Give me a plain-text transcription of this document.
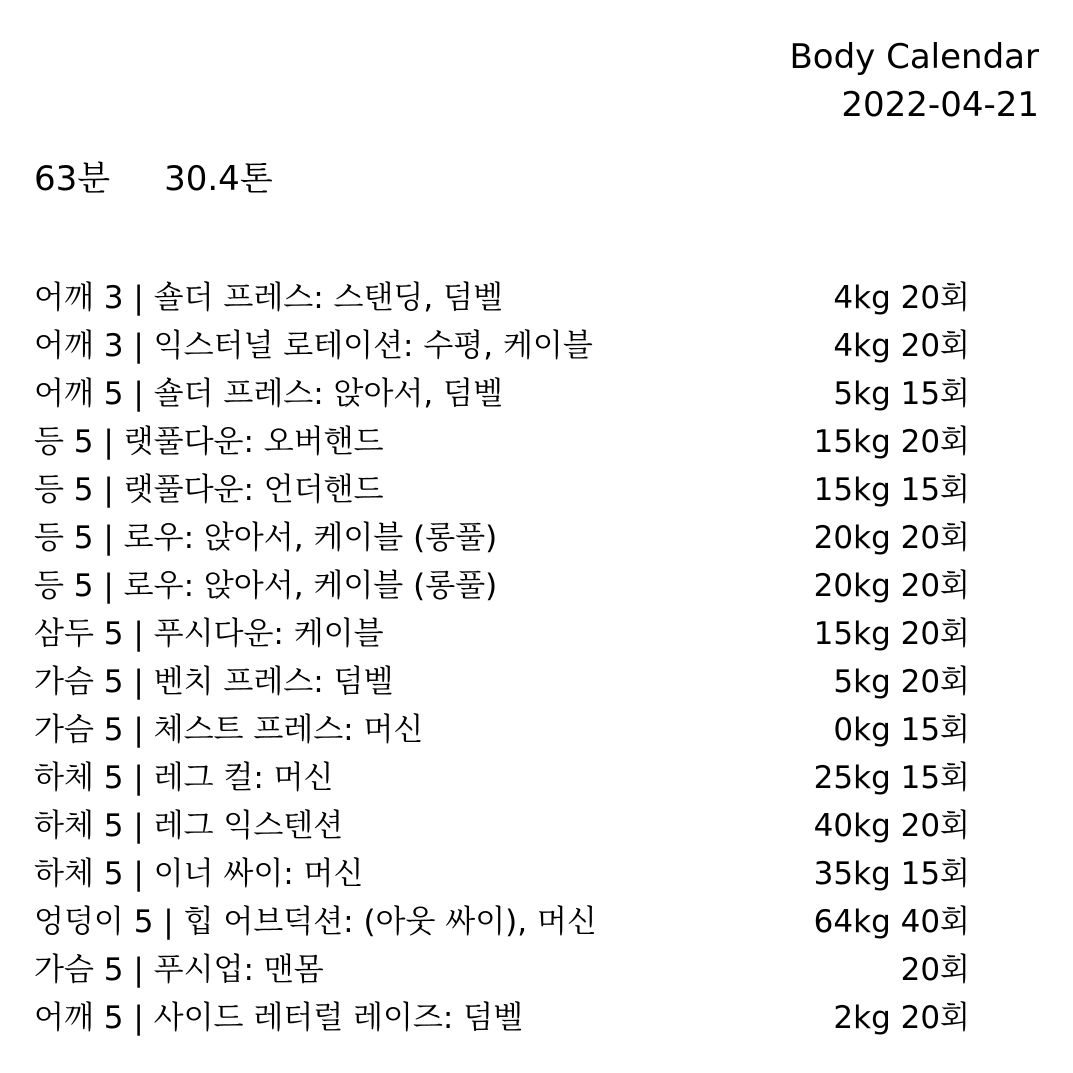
Body Calendar
2022-04-21
63분 30.4톤
어깨 3 | 숄더 프레스: 스탠딩, 덤벨	4kg 20회
어깨 3 | 익스터널 로테이션: 수평, 케이블	4kg 20회
어깨 5 | 숄더 프레스: 앉아서, 덤벨	5kg 15회
등 5 | 랫풀다운: 오버핸드	15kg 20회
등 5 | 랫풀다운: 언더핸드	15kg 15회
등 5 | 로우: 앉아서, 케이블 (롱풀)	20kg 20회
등 5 | 로우: 앉아서, 케이블 (롱풀)	20kg 20회
삼두 5 | 푸시다운: 케이블	15kg 20회
가슴 5 | 벤치 프레스: 덤벨	5kg 20회
가슴 5 | 체스트 프레스: 머신	0kg 15회
하체 5 | 레그 컬: 머신	25kg 15회
하체 5 | 레그 익스텐션	40kg 20회
하체 5 | 이너 싸이: 머신	35kg 15회
엉덩이 5 | 힙 어브덕션: (아웃 싸이), 머신	64kg 40회
가슴 5 | 푸시업: 맨몸	20회
어깨 5 | 사이드 레터럴 레이즈: 덤벨	2kg 20회
